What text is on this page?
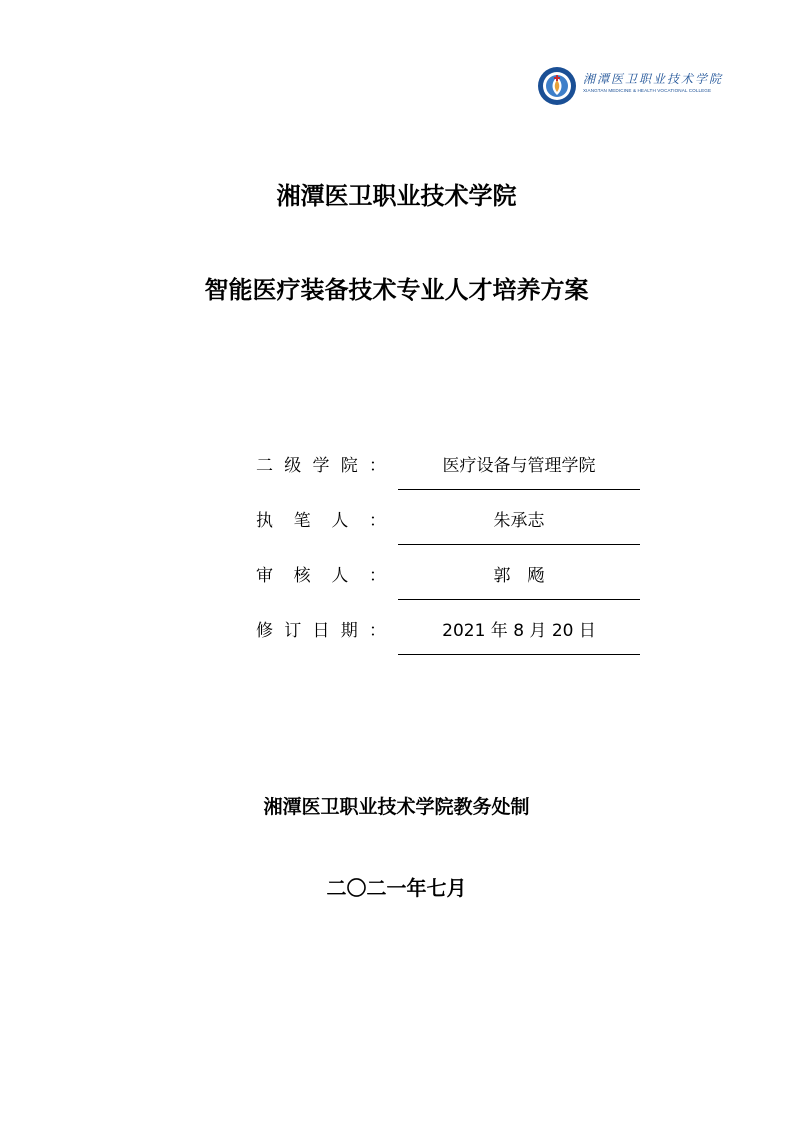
湘潭医卫职业技术学院
XIANGTAN MEDICINE & HEALTH VOCATIONAL COLLEGE
湘潭医卫职业技术学院
智能医疗装备技术专业人才培养方案
二 级 学 院 ：	医疗设备与管理学院
执 笔 人 ：	朱承志
审 核 人 ：	郭　飏
修 订 日 期 ：	2021 年 8 月 20 日
湘潭医卫职业技术学院教务处制
二〇二一年七月
